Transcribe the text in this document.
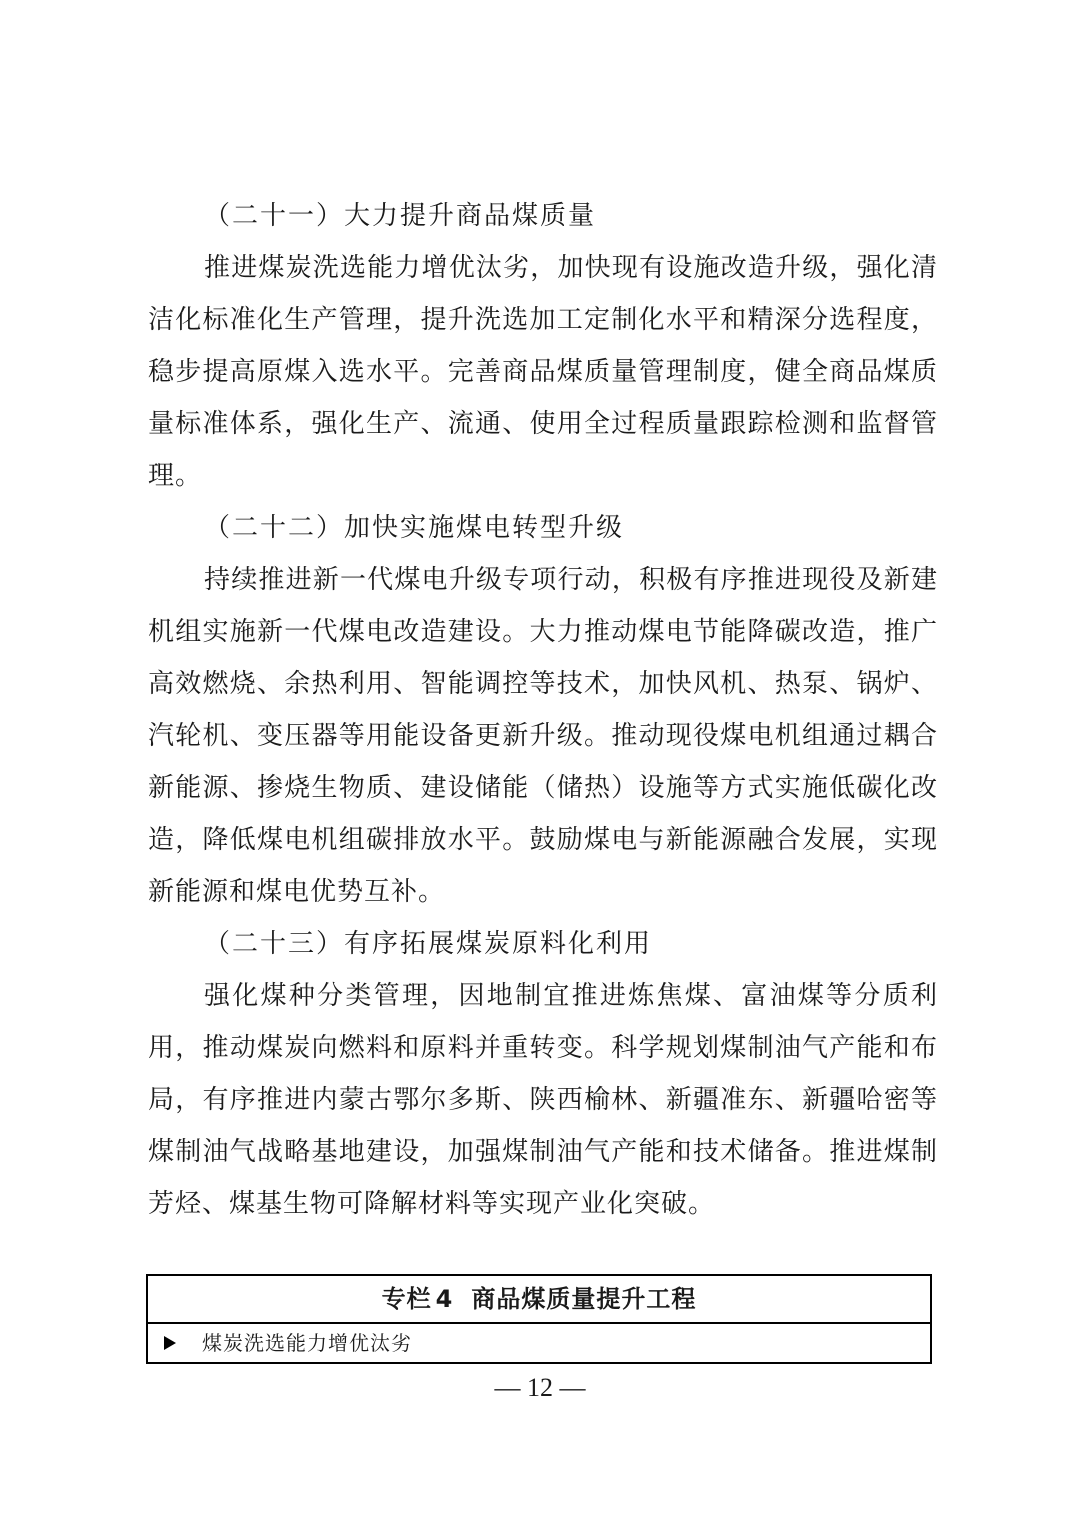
（二十一）大力提升商品煤质量

推进煤炭洗选能力增优汰劣，加快现有设施改造升级，强化清洁化标准化生产管理，提升洗选加工定制化水平和精深分选程度，稳步提高原煤入选水平。完善商品煤质量管理制度，健全商品煤质量标准体系，强化生产、流通、使用全过程质量跟踪检测和监督管理。

（二十二）加快实施煤电转型升级

持续推进新一代煤电升级专项行动，积极有序推进现役及新建机组实施新一代煤电改造建设。大力推动煤电节能降碳改造，推广高效燃烧、余热利用、智能调控等技术，加快风机、热泵、锅炉、汽轮机、变压器等用能设备更新升级。推动现役煤电机组通过耦合新能源、掺烧生物质、建设储能（储热）设施等方式实施低碳化改造，降低煤电机组碳排放水平。鼓励煤电与新能源融合发展，实现新能源和煤电优势互补。

（二十三）有序拓展煤炭原料化利用

强化煤种分类管理，因地制宜推进炼焦煤、富油煤等分质利用，推动煤炭向燃料和原料并重转变。科学规划煤制油气产能和布局，有序推进内蒙古鄂尔多斯、陕西榆林、新疆准东、新疆哈密等煤制油气战略基地建设，加强煤制油气产能和技术储备。推进煤制芳烃、煤基生物可降解材料等实现产业化突破。

专栏 4 商品煤质量提升工程
煤炭洗选能力增优汰劣
— 12 —
